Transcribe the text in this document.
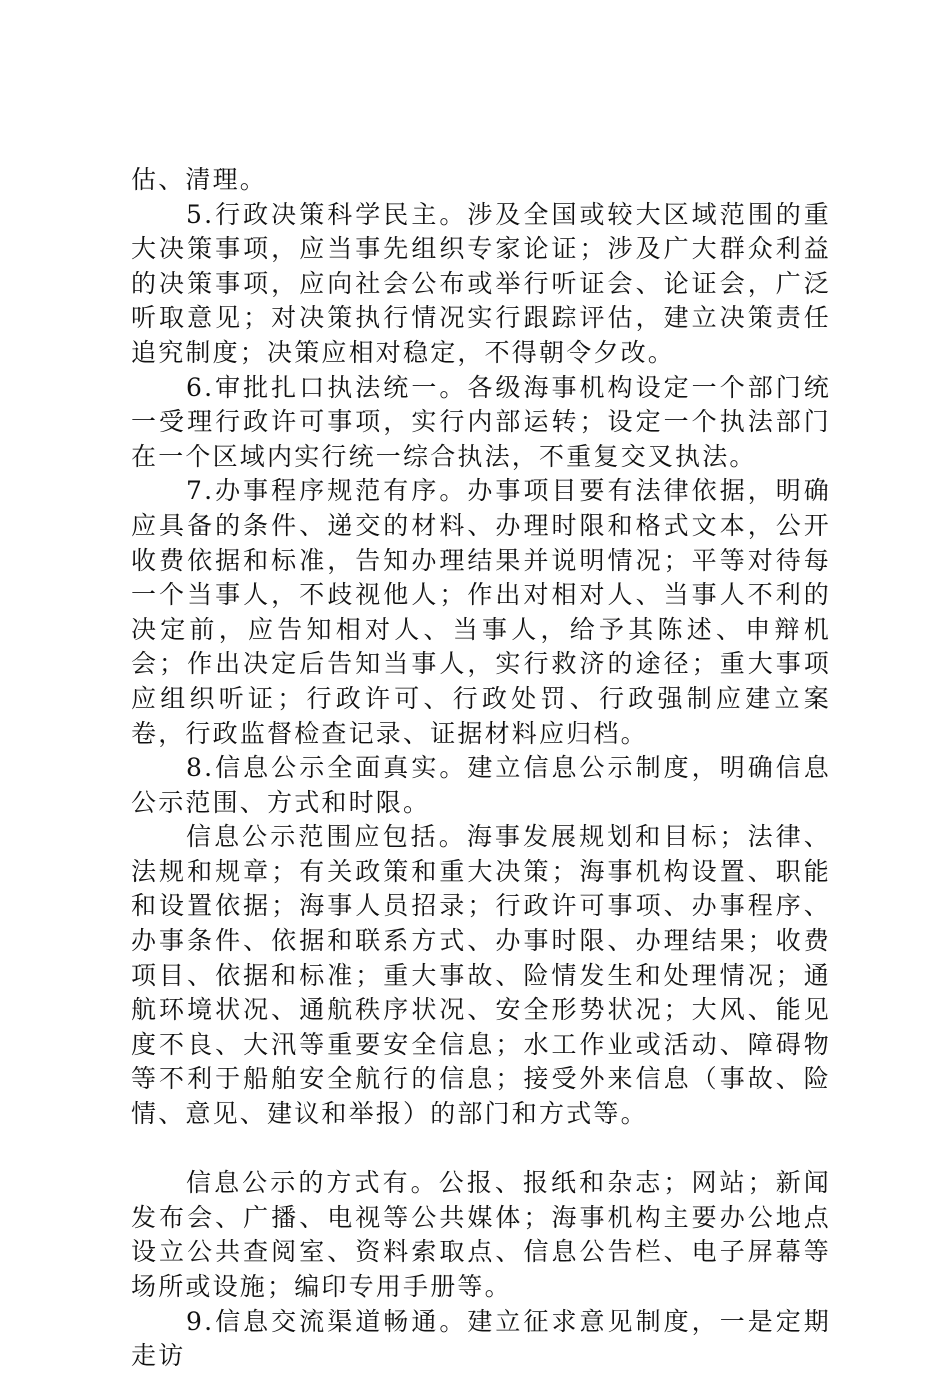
估、清理。

5.行政决策科学民主。涉及全国或较大区域范围的重大决策事项，应当事先组织专家论证；涉及广大群众利益的决策事项，应向社会公布或举行听证会、论证会，广泛听取意见；对决策执行情况实行跟踪评估，建立决策责任追究制度；决策应相对稳定，不得朝令夕改。

6.审批扎口执法统一。各级海事机构设定一个部门统一受理行政许可事项，实行内部运转；设定一个执法部门在一个区域内实行统一综合执法，不重复交叉执法。

7.办事程序规范有序。办事项目要有法律依据，明确应具备的条件、递交的材料、办理时限和格式文本，公开收费依据和标准，告知办理结果并说明情况；平等对待每一个当事人，不歧视他人；作出对相对人、当事人不利的决定前，应告知相对人、当事人，给予其陈述、申辩机会；作出决定后告知当事人，实行救济的途径；重大事项应组织听证；行政许可、行政处罚、行政强制应建立案卷，行政监督检查记录、证据材料应归档。

8.信息公示全面真实。建立信息公示制度，明确信息公示范围、方式和时限。

信息公示范围应包括。海事发展规划和目标；法律、法规和规章；有关政策和重大决策；海事机构设置、职能和设置依据；海事人员招录；行政许可事项、办事程序、办事条件、依据和联系方式、办事时限、办理结果；收费项目、依据和标准；重大事故、险情发生和处理情况；通航环境状况、通航秩序状况、安全形势状况；大风、能见度不良、大汛等重要安全信息；水工作业或活动、障碍物等不利于船舶安全航行的信息；接受外来信息（事故、险情、意见、建议和举报）的部门和方式等。

信息公示的方式有。公报、报纸和杂志；网站；新闻发布会、广播、电视等公共媒体；海事机构主要办公地点设立公共查阅室、资料索取点、信息公告栏、电子屏幕等场所或设施；编印专用手册等。

9.信息交流渠道畅通。建立征求意见制度，一是定期走访
